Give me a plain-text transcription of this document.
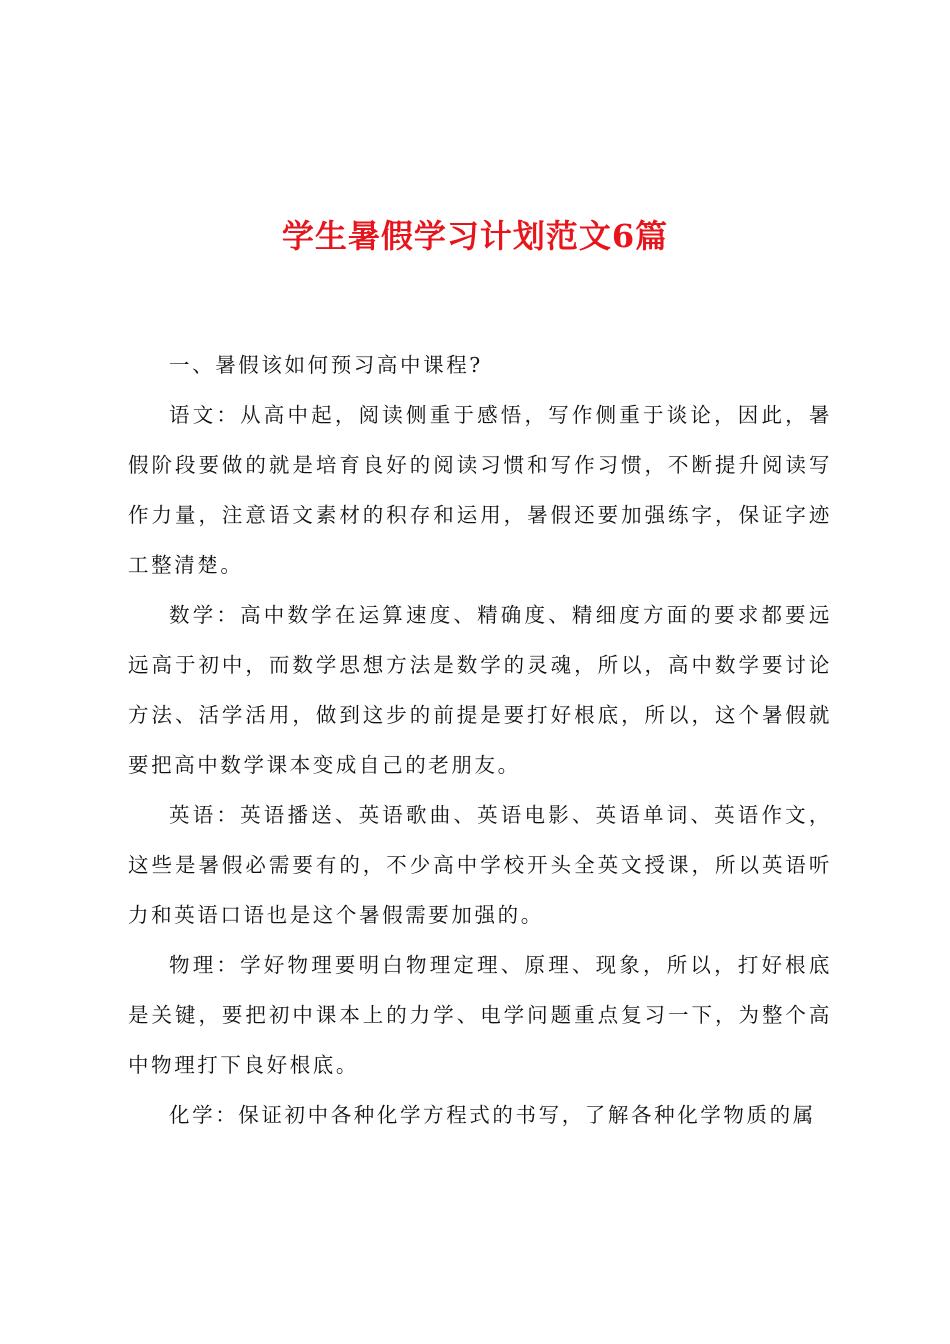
学生暑假学习计划范文6篇

一、暑假该如何预习高中课程?

语文：从高中起，阅读侧重于感悟，写作侧重于谈论，因此，暑假阶段要做的就是培育良好的阅读习惯和写作习惯，不断提升阅读写作力量，注意语文素材的积存和运用，暑假还要加强练字，保证字迹工整清楚。

数学：高中数学在运算速度、精确度、精细度方面的要求都要远远高于初中，而数学思想方法是数学的灵魂，所以，高中数学要讨论方法、活学活用，做到这步的前提是要打好根底，所以，这个暑假就要把高中数学课本变成自己的老朋友。

英语：英语播送、英语歌曲、英语电影、英语单词、英语作文，这些是暑假必需要有的，不少高中学校开头全英文授课，所以英语听力和英语口语也是这个暑假需要加强的。

物理：学好物理要明白物理定理、原理、现象，所以，打好根底是关键，要把初中课本上的力学、电学问题重点复习一下，为整个高中物理打下良好根底。

化学：保证初中各种化学方程式的书写，了解各种化学物质的属
